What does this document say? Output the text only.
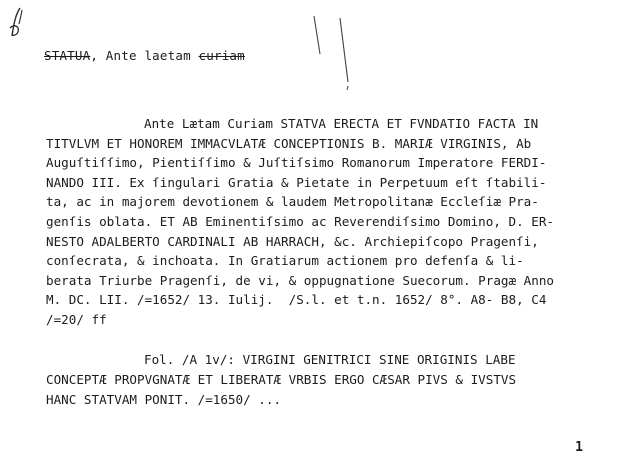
STATUA, Ante laetam curiam
Ante Lætam Curiam STATVA ERECTA ET FVNDATIO FACTA IN
TITVLVM ET HONOREM IMMACVLATÆ CONCEPTIONIS B. MARIÆ VIRGINIS, Ab
Auguſtiſſimo, Pientiſſimo & Juſtiſsimo Romanorum Imperatore FERDI-
NANDO III. Ex ſingulari Gratia & Pietate in Perpetuum eſt ſtabili-
ta, ac in majorem devotionem & laudem Metropolitanæ Eccleſiæ Pra-
genſis oblata. ET AB Eminentiſsimo ac Reverendiſsimo Domino, D. ER-
NESTO ADALBERTO CARDINALI AB HARRACH, &c. Archiepiſcopo Pragenſi,
conſecrata, & inchoata. In Gratiarum actionem pro defenſa & li-
berata Triurbe Pragenſi, de vi, & oppugnatione Suecorum. Pragæ Anno
M. DC. LII. /=1652/ 13. Iulij.  /S.l. et t.n. 1652/ 8°. A8- B8, C4
/=20/ ff
Fol. /A 1v/: VIRGINI GENITRICI SINE ORIGINIS LABE
CONCEPTÆ PROPVGNATÆ ET LIBERATÆ VRBIS ERGO CÆSAR PIVS & IVSTVS
HANC STATVAM PONIT. /=1650/ ...
1
